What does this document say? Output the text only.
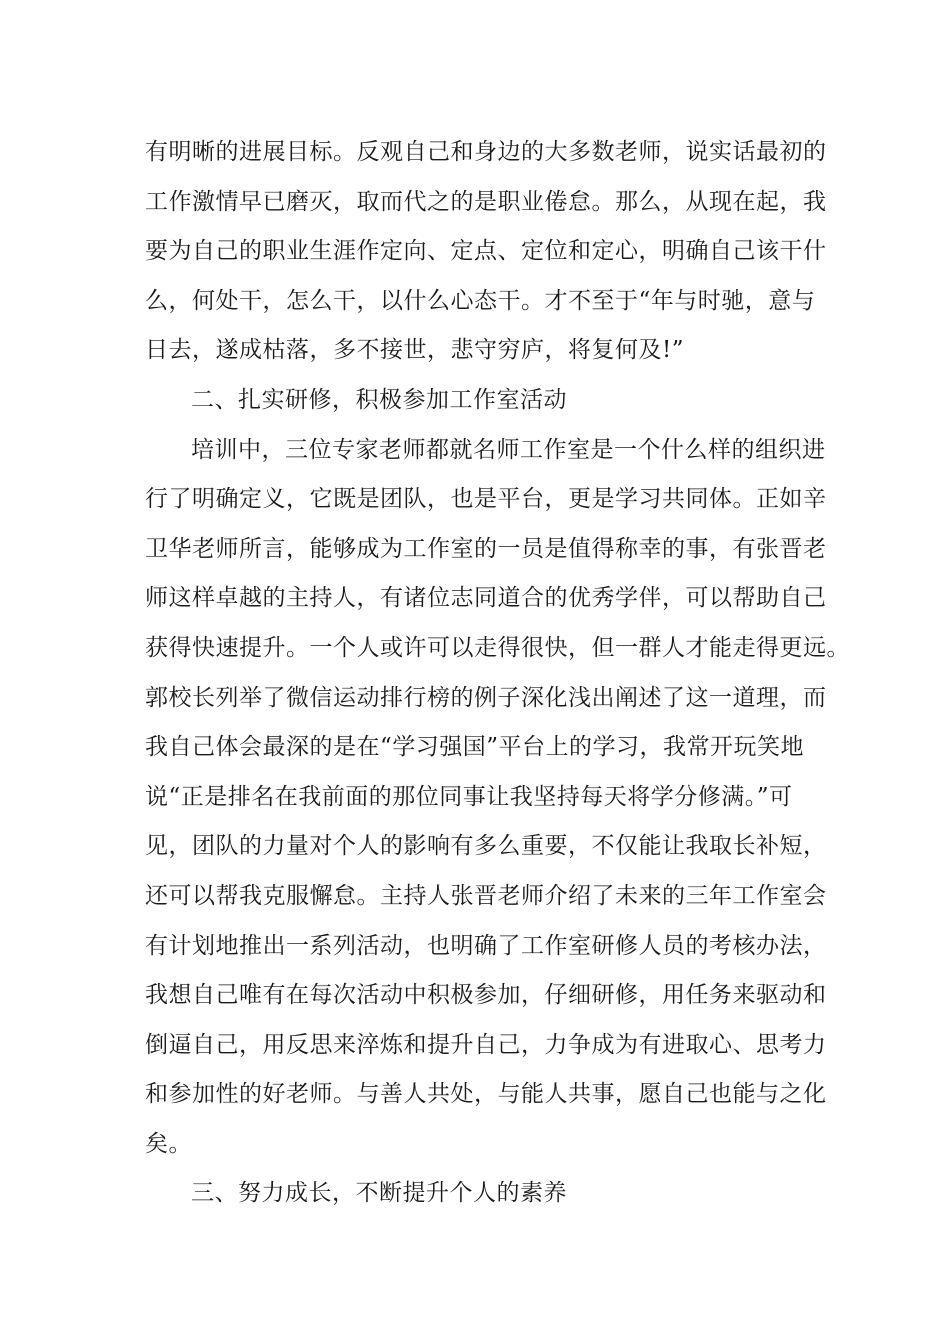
有明晰的进展目标。反观自己和身边的大多数老师，说实话最初的
工作激情早已磨灭，取而代之的是职业倦怠。那么，从现在起，我
要为自己的职业生涯作定向、定点、定位和定心，明确自己该干什
么，何处干，怎么干，以什么心态干。才不至于“年与时驰，意与
日去，遂成枯落，多不接世，悲守穷庐，将复何及!”
二、扎实研修，积极参加工作室活动
培训中，三位专家老师都就名师工作室是一个什么样的组织进
行了明确定义，它既是团队，也是平台，更是学习共同体。正如辛
卫华老师所言，能够成为工作室的一员是值得称幸的事，有张晋老
师这样卓越的主持人，有诸位志同道合的优秀学伴，可以帮助自己
获得快速提升。一个人或许可以走得很快，但一群人才能走得更远。
郭校长列举了微信运动排行榜的例子深化浅出阐述了这一道理，而
我自己体会最深的是在“学习强国”平台上的学习，我常开玩笑地
说“正是排名在我前面的那位同事让我坚持每天将学分修满。”可
见，团队的力量对个人的影响有多么重要，不仅能让我取长补短，
还可以帮我克服懈怠。主持人张晋老师介绍了未来的三年工作室会
有计划地推出一系列活动，也明确了工作室研修人员的考核办法，
我想自己唯有在每次活动中积极参加，仔细研修，用任务来驱动和
倒逼自己，用反思来淬炼和提升自己，力争成为有进取心、思考力
和参加性的好老师。与善人共处，与能人共事，愿自己也能与之化
矣。
三、努力成长，不断提升个人的素养
